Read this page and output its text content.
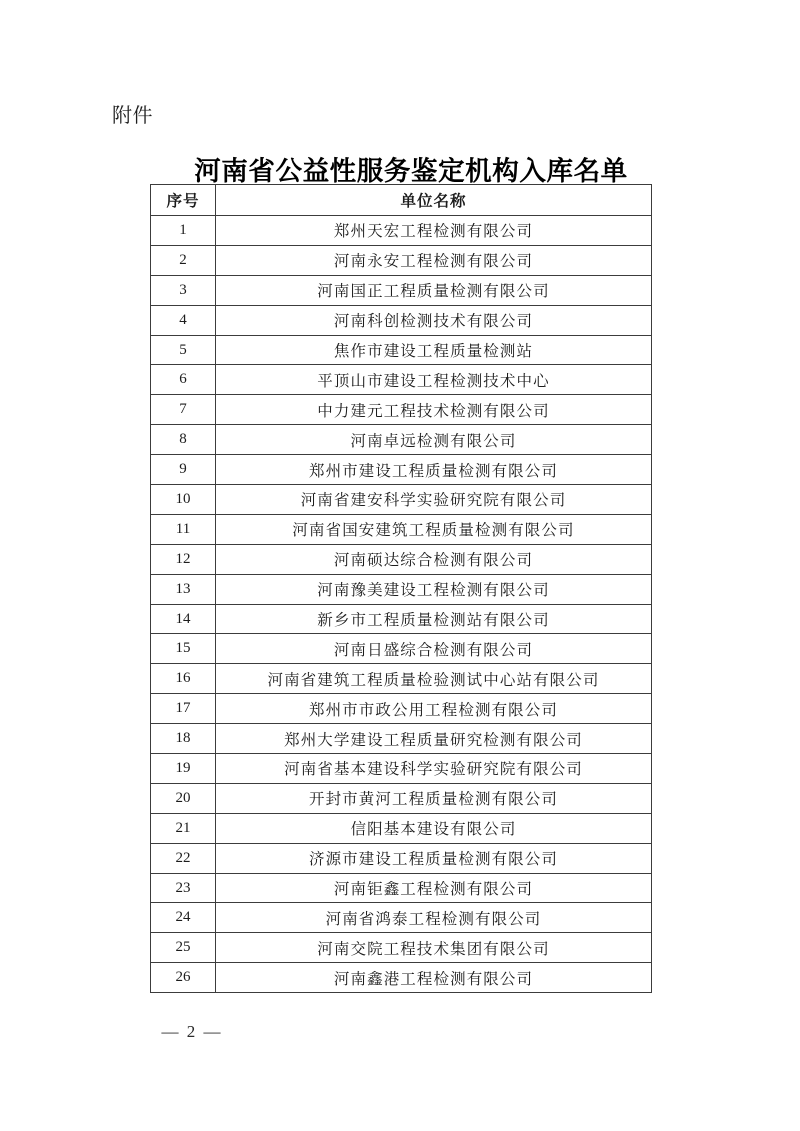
附件
河南省公益性服务鉴定机构入库名单
序号	单位名称
1	郑州天宏工程检测有限公司
2	河南永安工程检测有限公司
3	河南国正工程质量检测有限公司
4	河南科创检测技术有限公司
5	焦作市建设工程质量检测站
6	平顶山市建设工程检测技术中心
7	中力建元工程技术检测有限公司
8	河南卓远检测有限公司
9	郑州市建设工程质量检测有限公司
10	河南省建安科学实验研究院有限公司
11	河南省国安建筑工程质量检测有限公司
12	河南硕达综合检测有限公司
13	河南豫美建设工程检测有限公司
14	新乡市工程质量检测站有限公司
15	河南日盛综合检测有限公司
16	河南省建筑工程质量检验测试中心站有限公司
17	郑州市市政公用工程检测有限公司
18	郑州大学建设工程质量研究检测有限公司
19	河南省基本建设科学实验研究院有限公司
20	开封市黄河工程质量检测有限公司
21	信阳基本建设有限公司
22	济源市建设工程质量检测有限公司
23	河南钜鑫工程检测有限公司
24	河南省鸿泰工程检测有限公司
25	河南交院工程技术集团有限公司
26	河南鑫港工程检测有限公司
— 2 —
